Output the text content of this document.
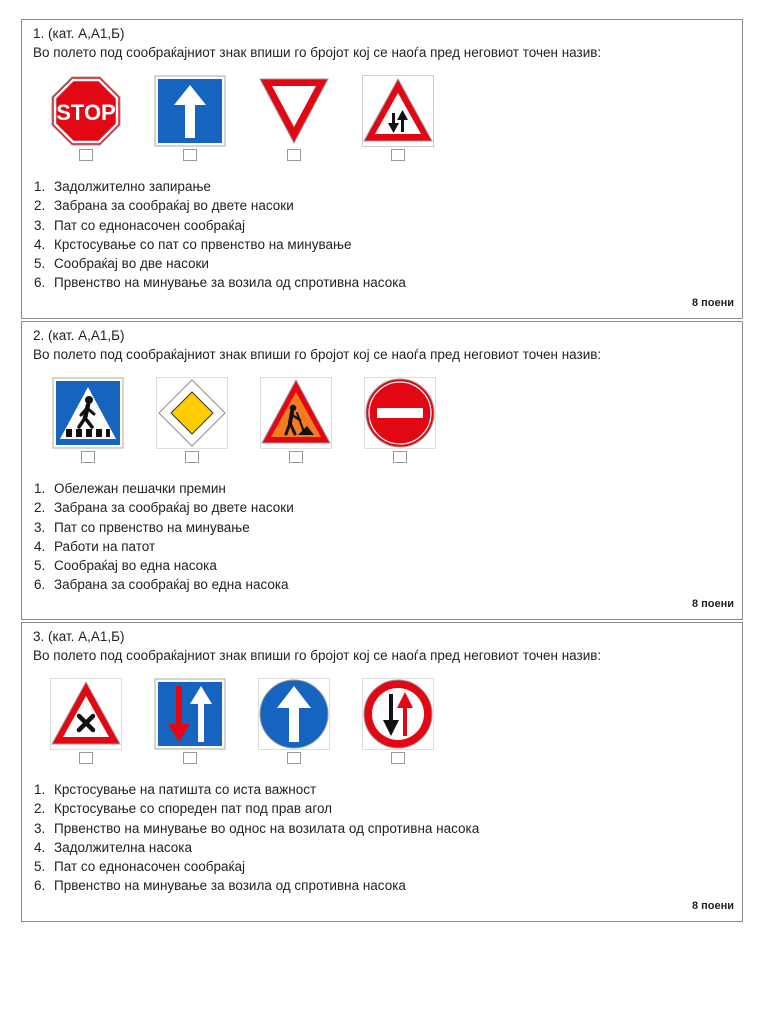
1. (кат. А,А1,Б)
Во полето под сообраќајниот знак впиши го бројот кој се наоѓа пред неговиот точен назив:
STOP
1. Задолжително запирање
2. Забрана за сообраќај во двете насоки
3. Пат со еднонасочен сообраќај
4. Крстосување со пат со првенство на минување
5. Сообраќај во две насоки
6. Првенство на минување за возила од спротивна насока
8 поени
2. (кат. А,А1,Б)
Во полето под сообраќајниот знак впиши го бројот кој се наоѓа пред неговиот точен назив:
1. Обележан пешачки премин
2. Забрана за сообраќај во двете насоки
3. Пат со првенство на минување
4. Работи на патот
5. Сообраќај во една насока
6. Забрана за сообраќај во една насока
8 поени
3. (кат. А,А1,Б)
Во полето под сообраќајниот знак впиши го бројот кој се наоѓа пред неговиот точен назив:
1. Крстосување на патишта со иста важност
2. Крстосување со спореден пат под прав агол
3. Првенство на минување во однос на возилата од спротивна насока
4. Задолжителна насока
5. Пат со еднонасочен сообраќај
6. Првенство на минување за возила од спротивна насока
8 поени
